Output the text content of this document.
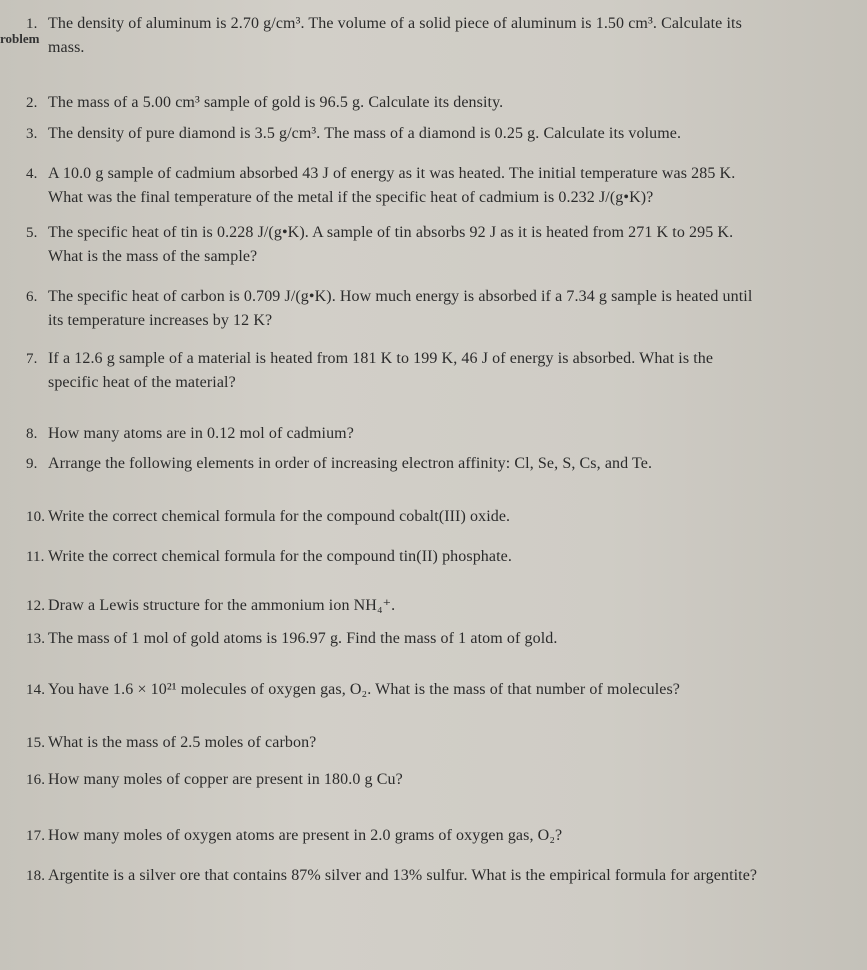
roblem
1. The density of aluminum is 2.70 g/cm³. The volume of a solid piece of aluminum is 1.50 cm³. Calculate its
mass.
2. The mass of a 5.00 cm³ sample of gold is 96.5 g. Calculate its density.
3. The density of pure diamond is 3.5 g/cm³. The mass of a diamond is 0.25 g. Calculate its volume.
4. A 10.0 g sample of cadmium absorbed 43 J of energy as it was heated. The initial temperature was 285 K.
What was the final temperature of the metal if the specific heat of cadmium is 0.232 J/(g•K)?
5. The specific heat of tin is 0.228 J/(g•K). A sample of tin absorbs 92 J as it is heated from 271 K to 295 K.
What is the mass of the sample?
6. The specific heat of carbon is 0.709 J/(g•K). How much energy is absorbed if a 7.34 g sample is heated until
its temperature increases by 12 K?
7. If a 12.6 g sample of a material is heated from 181 K to 199 K, 46 J of energy is absorbed. What is the
specific heat of the material?
8. How many atoms are in 0.12 mol of cadmium?
9. Arrange the following elements in order of increasing electron affinity: Cl, Se, S, Cs, and Te.
10. Write the correct chemical formula for the compound cobalt(III) oxide.
11. Write the correct chemical formula for the compound tin(II) phosphate.
12. Draw a Lewis structure for the ammonium ion NH₄⁺.
13. The mass of 1 mol of gold atoms is 196.97 g. Find the mass of 1 atom of gold.
14. You have 1.6 × 10²¹ molecules of oxygen gas, O₂. What is the mass of that number of molecules?
15. What is the mass of 2.5 moles of carbon?
16. How many moles of copper are present in 180.0 g Cu?
17. How many moles of oxygen atoms are present in 2.0 grams of oxygen gas, O₂?
18. Argentite is a silver ore that contains 87% silver and 13% sulfur. What is the empirical formula for argentite?
